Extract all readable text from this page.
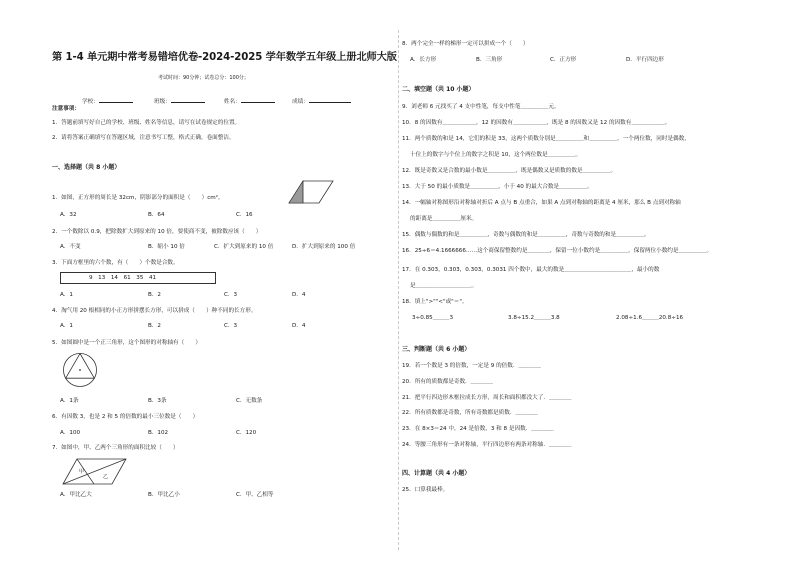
第 1-4 单元期中常考易错培优卷-2024-2025 学年数学五年级上册北师大版
考试时间：90分钟；试卷总分：100分；
学校：	班级：	姓名：	成绩：
注意事项：
1．答题前填写好自己的学校、班级、姓名等信息，请写在试卷规定的位置。
2．请将答案正确填写在答题区域，注意书写工整，格式正确，卷面整洁。
一、选择题（共 8 小题）
1．如图，正方形的周长是 32cm，阴影部分的面积是（　　）cm²。
A．32	B．64	C．16
2．一个数除以 0.9，把除数扩大到原来的 10 倍，要使商不变，被除数应该（　　）
A．不变	B．缩小 10 倍	C．扩大到原来的 10 倍	D．扩大到原来的 100 倍
3．下面方框里的六个数，有（　　）个数是合数。
9　13　14　61　35　41
A．1	B．2	C．3	D．4
4．淘气用 20 根相同的小正方形拼摆长方形，可以拼成（　　）种不同的长方形。
A．1	B．2	C．3	D．4
5．如图圆中是一个正三角形，这个图形的对称轴有（　　）
A．1条	B．3条	C．无数条
6．有因数 3，也是 2 和 5 的倍数的最小三位数是（　　）
A．100	B．102	C．120
7．如图中，甲、乙两个三角形的面积比较（　　）
甲
乙
A．甲比乙大	B．甲比乙小	C．甲、乙相等
8．两个完全一样的梯形一定可以拼成一个（　　）
A．长方形	B．三角形	C．正方形	D．平行四边形
二、填空题（共 10 小题）
9．刘老师 6 元找买了 4 支中性笔，每支中性笔＿＿＿＿＿元。
10．8 的因数有＿＿＿＿＿＿，12 的因数有＿＿＿＿＿＿，既是 8 的因数又是 12 的因数有＿＿＿＿＿＿。
11．两个质数的和是 14，它们的积是 33，这两个质数分别是＿＿＿＿＿和＿＿＿＿＿。一个两位数，同时是偶数，
十位上的数字与个位上的数字之积是 10，这个两位数是＿＿＿＿＿。
12．既是奇数又是合数的最小数是＿＿＿＿＿，既是偶数又是质数的数是＿＿＿＿＿。
13．大于 50 的最小质数是＿＿＿＿＿，小于 40 的最大合数是＿＿＿＿＿。
14．一幅轴对称图形沿对称轴对折后 A 点与 B 点重合，如果 A 点到对称轴的距离是 4 厘米，那么 B 点到对称轴
的距离是＿＿＿＿＿厘米。
15．偶数与偶数的和是＿＿＿＿＿，奇数与偶数的和是＿＿＿＿＿，奇数与奇数的和是＿＿＿＿＿。
16．25÷6＝4.1666666……这个商保留整数约是＿＿＿＿，保留一位小数约是＿＿＿＿＿，保留两位小数约是＿＿＿＿＿。
17．在 0.303̇，0.30̇3̇，0.3̇03̇，0.3031 四个数中，最大的数是＿＿＿＿＿＿＿＿＿＿＿＿，最小的数
是＿＿＿＿＿＿＿＿＿＿。
18．填上">""<"或"＝"。
3÷0.85＿＿＿3	3.8÷15.2＿＿＿3.8	2.08÷1.6＿＿＿20.8÷16
三、判断题（共 6 小题）
19．若一个数是 3 的倍数，一定是 9 的倍数．＿＿＿＿
20．所有的质数都是奇数．＿＿＿＿
21．把平行四边形木框拉成长方形，周长和面积都没大了．＿＿＿＿
22．所有质数都是奇数，所有奇数都是质数．＿＿＿＿
23．在 8×3＝24 中，24 是倍数，3 和 8 是因数．＿＿＿＿
24．等腰三角形有一条对称轴，平行四边形有两条对称轴．＿＿＿＿
四、计算题（共 4 小题）
25．口算我最棒。
